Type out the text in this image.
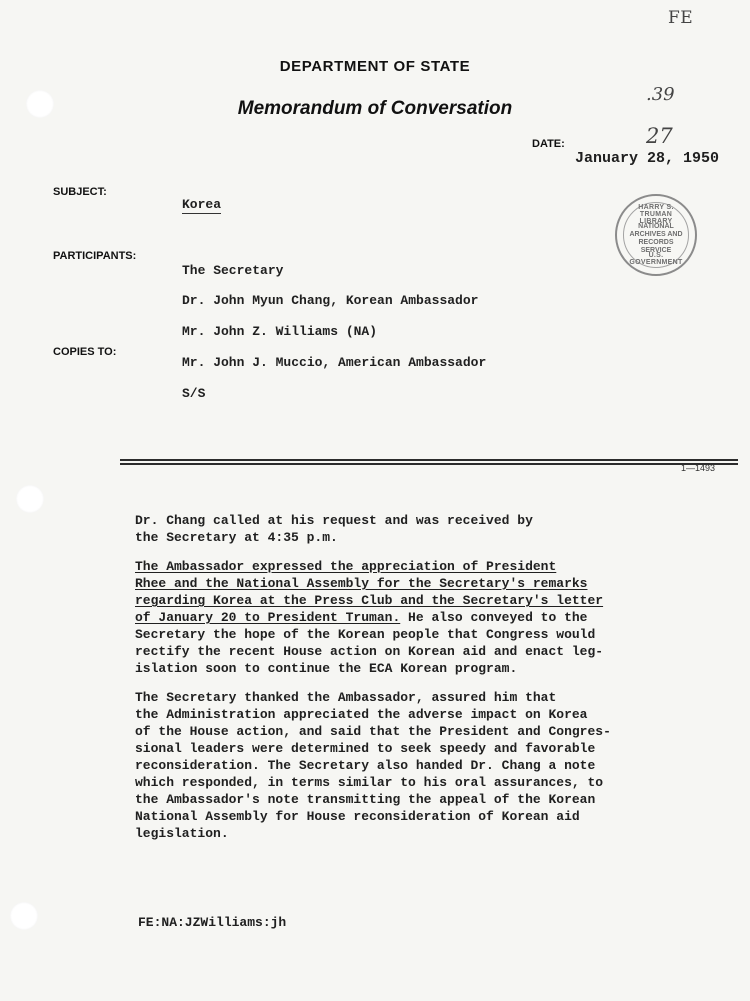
FE
.39
27
DEPARTMENT OF STATE
Memorandum of Conversation
DATE:
January 28, 1950
SUBJECT:
Korea
PARTICIPANTS:
The Secretary
Dr. John Myun Chang, Korean Ambassador
Mr. John Z. Williams (NA)
COPIES TO:
Mr. John J. Muccio, American Ambassador
S/S
HARRY S. TRUMAN LIBRARY
NATIONAL
ARCHIVES AND
RECORDS
SERVICE
U.S. GOVERNMENT
1—1493
Dr. Chang called at his request and was received by
the Secretary at 4:35 p.m.
The Ambassador expressed the appreciation of President
Rhee and the National Assembly for the Secretary's remarks
regarding Korea at the Press Club and the Secretary's letter
of January 20 to President Truman. He also conveyed to the
Secretary the hope of the Korean people that Congress would
rectify the recent House action on Korean aid and enact leg-
islation soon to continue the ECA Korean program.
The Secretary thanked the Ambassador, assured him that
the Administration appreciated the adverse impact on Korea
of the House action, and said that the President and Congres-
sional leaders were determined to seek speedy and favorable
reconsideration. The Secretary also handed Dr. Chang a note
which responded, in terms similar to his oral assurances, to
the Ambassador's note transmitting the appeal of the Korean
National Assembly for House reconsideration of Korean aid
legislation.
FE:NA:JZWilliams:jh
